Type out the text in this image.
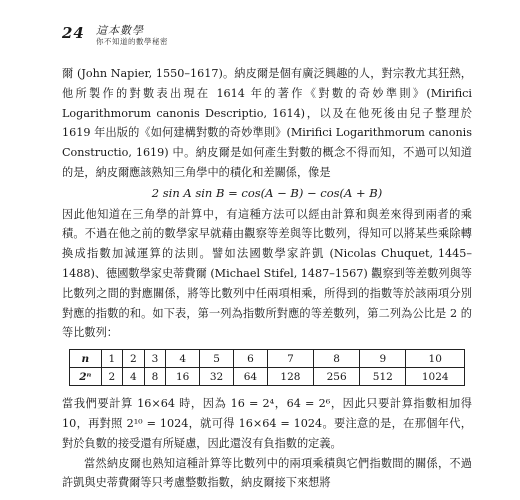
24 這本數學
你不知道的數學秘密

爾 (John Napier, 1550–1617)。納皮爾是個有廣泛興趣的人，對宗教尤其狂熱，他所製作的對數表出現在 1614 年的著作《對數的奇妙準則》(Mirifici Logarithmorum canonis Descriptio, 1614)，以及在他死後由兒子整理於 1619 年出版的《如何建構對數的奇妙準則》(Mirifici Logarithmorum canonis Constructio, 1619) 中。納皮爾是如何產生對數的概念不得而知，不過可以知道的是，納皮爾應該熟知三角學中的積化和差關係，像是

2 sin A sin B = cos(A − B) − cos(A + B)

因此他知道在三角學的計算中，有這種方法可以經由計算和與差來得到兩者的乘積。不過在他之前的數學家早就藉由觀察等差與等比數列，得知可以將某些乘除轉換成指數加減運算的法則。譬如法國數學家許凱 (Nicolas Chuquet, 1445–1488)、德國數學家史蒂費爾 (Michael Stifel, 1487–1567) 觀察到等差數列與等比數列之間的對應關係，將等比數列中任兩項相乘，所得到的指數等於該兩項分別對應的指數的和。如下表，第一列為指數所對應的等差數列，第二列為公比是 2 的等比數列：

n	1	2	3	4	5	6	7	8	9	10
2ⁿ	2	4	8	16	32	64	128	256	512	1024

當我們要計算 16×64 時，因為 16 = 2⁴，64 = 2⁶，因此只要計算指數相加得 10，再對照 2¹⁰ = 1024，就可得 16×64 = 1024。要注意的是，在那個年代，對於負數的接受還有所疑慮，因此還沒有負指數的定義。

當然納皮爾也熟知這種計算等比數列中的兩項乘積與它們指數間的關係，不過許凱與史蒂費爾等只考慮整數指數，納皮爾接下來想將
